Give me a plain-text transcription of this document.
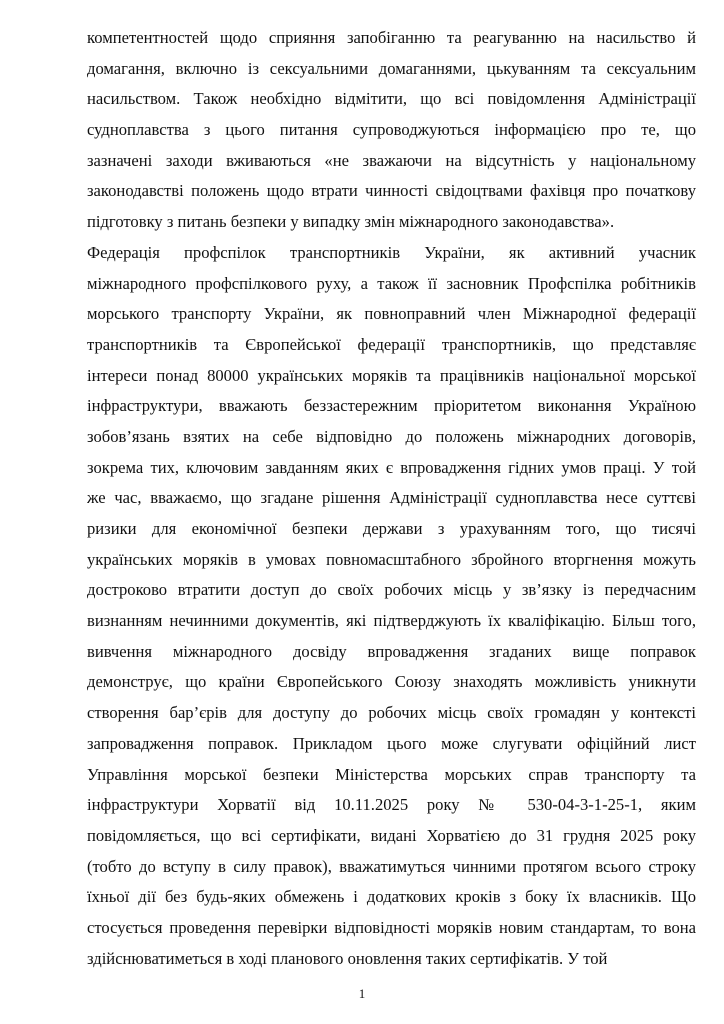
компетентностей щодо сприяння запобіганню та реагуванню на насильство й
домагання, включно із сексуальними домаганнями, цькуванням та сексуальним
насильством. Також необхідно відмітити, що всі повідомлення Адміністрації
судноплавства з цього питання супроводжуються інформацією про те, що
зазначені заходи вживаються «не зважаючи на відсутність у національному
законодавстві положень щодо втрати чинності свідоцтвами фахівця про початкову
підготовку з питань безпеки у випадку змін міжнародного законодавства».
Федерація профспілок транспортників України, як активний учасник
міжнародного профспілкового руху, а також її засновник Профспілка робітників
морського транспорту України, як повноправний член Міжнародної федерації
транспортників та Європейської федерації транспортників, що представляє
інтереси понад 80000 українських моряків та працівників національної морської
інфраструктури, вважають беззастережним пріоритетом виконання Україною
зобов’язань взятих на себе відповідно до положень міжнародних договорів,
зокрема тих, ключовим завданням яких є впровадження гідних умов праці. У той
же час, вважаємо, що згадане рішення Адміністрації судноплавства несе суттєві
ризики для економічної безпеки держави з урахуванням того, що тисячі
українських моряків в умовах повномасштабного збройного вторгнення можуть
достроково втратити доступ до своїх робочих місць у зв’язку із передчасним
визнанням нечинними документів, які підтверджують їх кваліфікацію. Більш того,
вивчення міжнародного досвіду впровадження згаданих вище поправок
демонструє, що країни Європейського Союзу знаходять можливість уникнути
створення бар’єрів для доступу до робочих місць своїх громадян у контексті
запровадження поправок. Прикладом цього може слугувати офіційний лист
Управління морської безпеки Міністерства морських справ транспорту та
інфраструктури Хорватії від 10.11.2025 року № 530-04-3-1-25-1, яким
повідомляється, що всі сертифікати, видані Хорватією до 31 грудня 2025 року
(тобто до вступу в силу правок), вважатимуться чинними протягом всього строку
їхньої дії без будь-яких обмежень і додаткових кроків з боку їх власників. Що
стосується проведення перевірки відповідності моряків новим стандартам, то вона
здійснюватиметься в ході планового оновлення таких сертифікатів. У той
1
